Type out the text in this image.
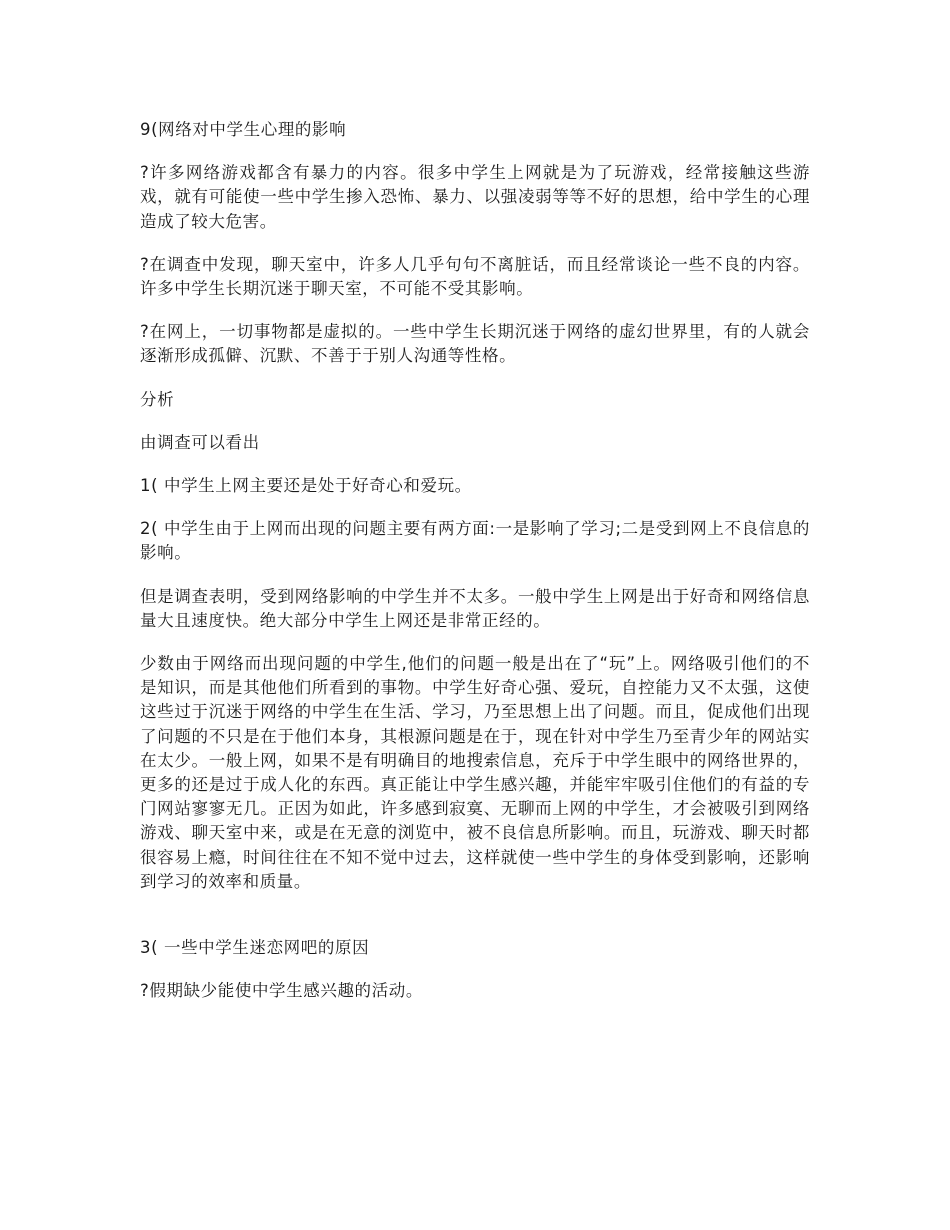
9(网络对中学生心理的影响

?许多网络游戏都含有暴力的内容。很多中学生上网就是为了玩游戏，经常接触这些游戏，就有可能使一些中学生掺入恐怖、暴力、以强凌弱等等不好的思想，给中学生的心理造成了较大危害。

?在调查中发现，聊天室中，许多人几乎句句不离脏话，而且经常谈论一些不良的内容。许多中学生长期沉迷于聊天室，不可能不受其影响。

?在网上，一切事物都是虚拟的。一些中学生长期沉迷于网络的虚幻世界里，有的人就会逐渐形成孤僻、沉默、不善于于别人沟通等性格。

分析

由调查可以看出

1( 中学生上网主要还是处于好奇心和爱玩。

2( 中学生由于上网而出现的问题主要有两方面:一是影响了学习;二是受到网上不良信息的影响。

但是调查表明，受到网络影响的中学生并不太多。一般中学生上网是出于好奇和网络信息量大且速度快。绝大部分中学生上网还是非常正经的。

少数由于网络而出现问题的中学生,他们的问题一般是出在了“玩”上。网络吸引他们的不是知识，而是其他他们所看到的事物。中学生好奇心强、爱玩，自控能力又不太强，这使这些过于沉迷于网络的中学生在生活、学习，乃至思想上出了问题。而且，促成他们出现了问题的不只是在于他们本身，其根源问题是在于，现在针对中学生乃至青少年的网站实在太少。一般上网，如果不是有明确目的地搜索信息，充斥于中学生眼中的网络世界的，更多的还是过于成人化的东西。真正能让中学生感兴趣，并能牢牢吸引住他们的有益的专门网站寥寥无几。正因为如此，许多感到寂寞、无聊而上网的中学生，才会被吸引到网络游戏、聊天室中来，或是在无意的浏览中，被不良信息所影响。而且，玩游戏、聊天时都很容易上瘾，时间往往在不知不觉中过去，这样就使一些中学生的身体受到影响，还影响到学习的效率和质量。

3( 一些中学生迷恋网吧的原因

?假期缺少能使中学生感兴趣的活动。
